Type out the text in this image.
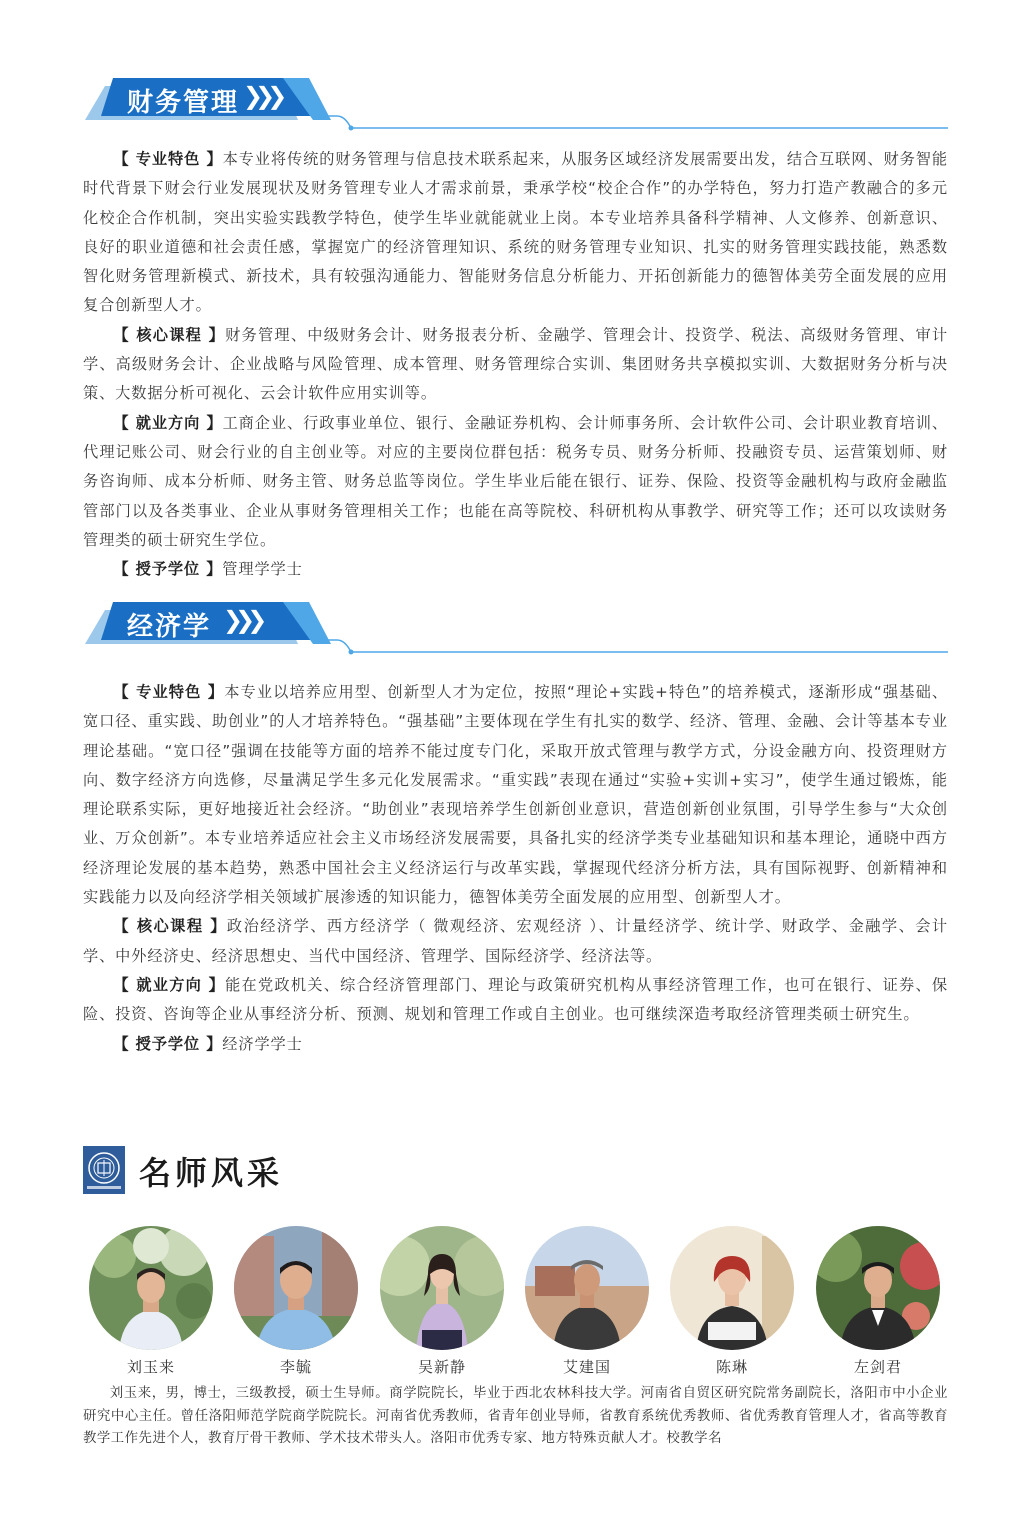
财务管理 ❯❯❯

【 专业特色 】本专业将传统的财务管理与信息技术联系起来，从服务区域经济发展需要出发，结合互联网、财务智能时代背景下财会行业发展现状及财务管理专业人才需求前景，秉承学校“校企合作”的办学特色，努力打造产教融合的多元化校企合作机制，突出实验实践教学特色，使学生毕业就能就业上岗。本专业培养具备科学精神、人文修养、创新意识、良好的职业道德和社会责任感，掌握宽广的经济管理知识、系统的财务管理专业知识、扎实的财务管理实践技能，熟悉数智化财务管理新模式、新技术，具有较强沟通能力、智能财务信息分析能力、开拓创新能力的德智体美劳全面发展的应用复合创新型人才。

【 核心课程 】财务管理、中级财务会计、财务报表分析、金融学、管理会计、投资学、税法、高级财务管理、审计学、高级财务会计、企业战略与风险管理、成本管理、财务管理综合实训、集团财务共享模拟实训、大数据财务分析与决策、大数据分析可视化、云会计软件应用实训等。

【 就业方向 】工商企业、行政事业单位、银行、金融证券机构、会计师事务所、会计软件公司、会计职业教育培训、代理记账公司、财会行业的自主创业等。对应的主要岗位群包括：税务专员、财务分析师、投融资专员、运营策划师、财务咨询师、成本分析师、财务主管、财务总监等岗位。学生毕业后能在银行、证券、保险、投资等金融机构与政府金融监管部门以及各类事业、企业从事财务管理相关工作；也能在高等院校、科研机构从事教学、研究等工作；还可以攻读财务管理类的硕士研究生学位。

【 授予学位 】管理学学士

经济学 ❯❯❯

【 专业特色 】本专业以培养应用型、创新型人才为定位，按照“理论+实践+特色”的培养模式，逐渐形成“强基础、宽口径、重实践、助创业”的人才培养特色。“强基础”主要体现在学生有扎实的数学、经济、管理、金融、会计等基本专业理论基础。“宽口径”强调在技能等方面的培养不能过度专门化，采取开放式管理与教学方式，分设金融方向、投资理财方向、数字经济方向选修，尽量满足学生多元化发展需求。“重实践”表现在通过“实验+实训+实习”，使学生通过锻炼，能理论联系实际，更好地接近社会经济。“助创业”表现培养学生创新创业意识，营造创新创业氛围，引导学生参与“大众创业、万众创新”。本专业培养适应社会主义市场经济发展需要，具备扎实的经济学类专业基础知识和基本理论，通晓中西方经济理论发展的基本趋势，熟悉中国社会主义经济运行与改革实践，掌握现代经济分析方法，具有国际视野、创新精神和实践能力以及向经济学相关领域扩展渗透的知识能力，德智体美劳全面发展的应用型、创新型人才。

【 核心课程 】政治经济学、西方经济学（ 微观经济、宏观经济 ）、计量经济学、统计学、财政学、金融学、会计学、中外经济史、经济思想史、当代中国经济、管理学、国际经济学、经济法等。

【 就业方向 】能在党政机关、综合经济管理部门、理论与政策研究机构从事经济管理工作，也可在银行、证券、保险、投资、咨询等企业从事经济分析、预测、规划和管理工作或自主创业。也可继续深造考取经济管理类硕士研究生。

【 授予学位 】经济学学士

名师风采
刘玉来	李毓	吴新静	艾建国	陈琳	左剑君

刘玉来，男，博士，三级教授，硕士生导师。商学院院长，毕业于西北农林科技大学。河南省自贸区研究院常务副院长，洛阳市中小企业研究中心主任。曾任洛阳师范学院商学院院长。河南省优秀教师，省青年创业导师，省教育系统优秀教师、省优秀教育管理人才，省高等教育教学工作先进个人，教育厅骨干教师、学术技术带头人。洛阳市优秀专家、地方特殊贡献人才。校教学名
